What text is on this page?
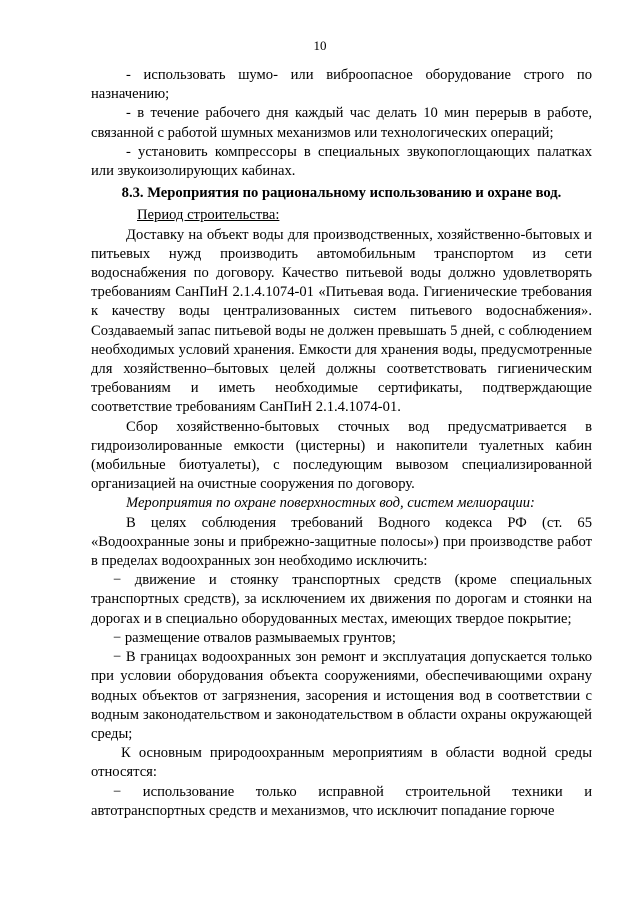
10

- использовать шумо- или виброопасное оборудование строго по назначению;

- в течение рабочего дня каждый час делать 10 мин перерыв в работе, связанной с работой шумных механизмов или технологических операций;

- установить компрессоры в специальных звукопоглощающих палатках или звукоизолирующих кабинах.

8.3. Мероприятия по рациональному использованию и охране вод.

Период строительства:

Доставку на объект воды для производственных, хозяйственно-бытовых и питьевых нужд производить автомобильным транспортом из сети водоснабжения по договору. Качество питьевой воды должно удовлетворять требованиям СанПиН 2.1.4.1074-01 «Питьевая вода. Гигиенические требования к качеству воды централизованных систем питьевого водоснабжения». Создаваемый запас питьевой воды не должен превышать 5 дней, с соблюдением необходимых условий хранения. Емкости для хранения воды, предусмотренные для хозяйственно–бытовых целей должны соответствовать гигиеническим требованиям и иметь необходимые сертификаты, подтверждающие соответствие требованиям СанПиН 2.1.4.1074-01.

Сбор хозяйственно-бытовых сточных вод предусматривается в гидроизолированные емкости (цистерны) и накопители туалетных кабин (мобильные биотуалеты), с последующим вывозом специализированной организацией на очистные сооружения по договору.

Мероприятия по охране поверхностных вод, систем мелиорации:

В целях соблюдения требований Водного кодекса РФ (ст. 65 «Водоохранные зоны и прибрежно-защитные полосы») при производстве работ в пределах водоохранных зон необходимо исключить:

− движение и стоянку транспортных средств (кроме специальных транспортных средств), за исключением их движения по дорогам и стоянки на дорогах и в специально оборудованных местах, имеющих твердое покрытие;

− размещение отвалов размываемых грунтов;

− В границах водоохранных зон ремонт и эксплуатация допускается только при условии оборудования объекта сооружениями, обеспечивающими охрану водных объектов от загрязнения, засорения и истощения вод в соответствии с водным законодательством и законодательством в области охраны окружающей среды;

К основным природоохранным мероприятиям в области водной среды относятся:

− использование только исправной строительной техники и автотранспортных средств и механизмов, что исключит попадание горюче
